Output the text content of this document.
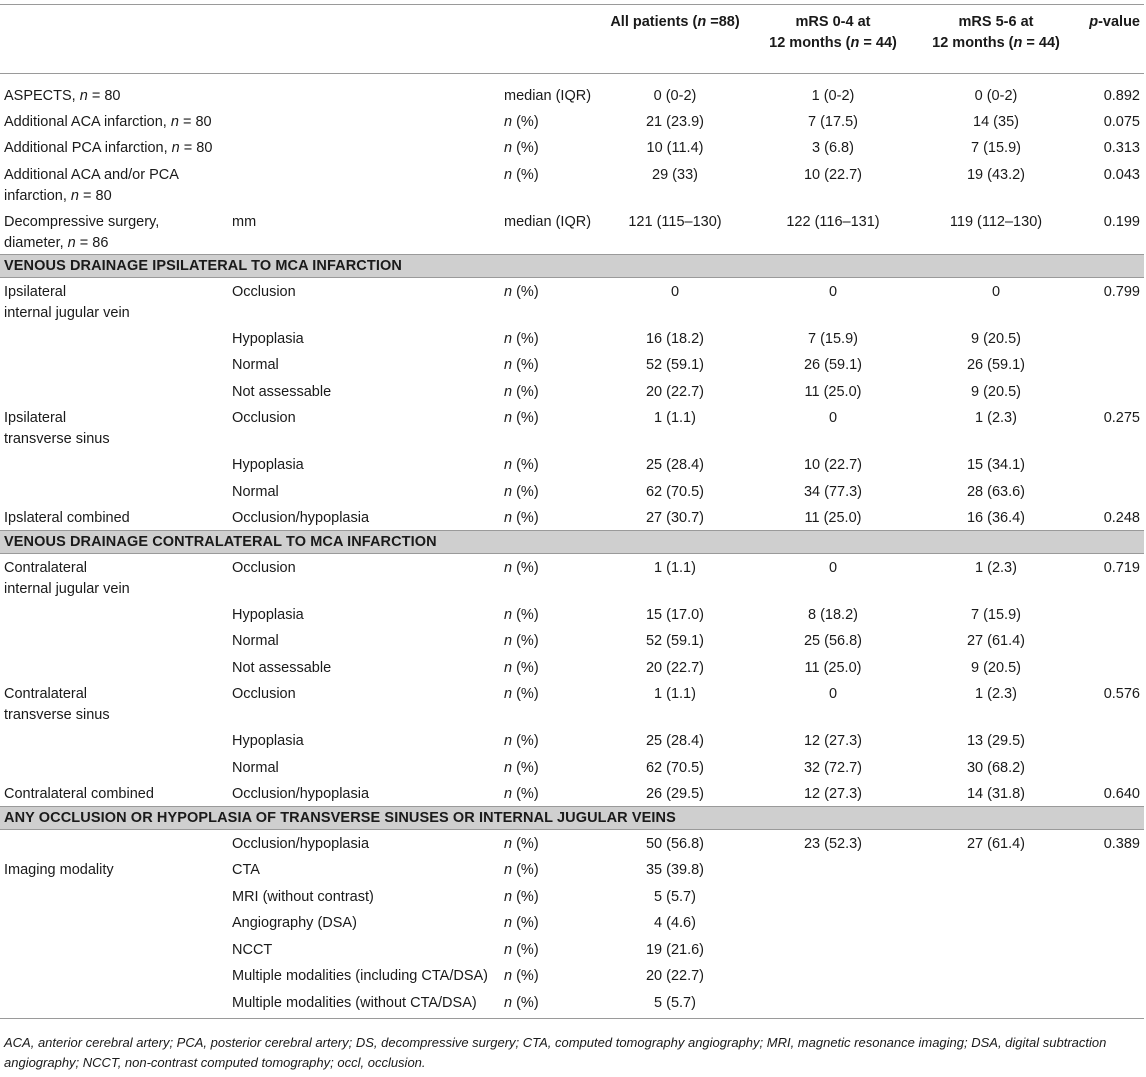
			All patients (n =88)	mRS 0-4 at
12 months (n = 44)	mRS 5-6 at
12 months (n = 44)	p-value
ASPECTS, n = 80		median (IQR)	0 (0-2)	1 (0-2)	0 (0-2)	0.892
Additional ACA infarction, n = 80		n (%)	21 (23.9)	7 (17.5)	14 (35)	0.075
Additional PCA infarction, n = 80		n (%)	10 (11.4)	3 (6.8)	7 (15.9)	0.313
Additional ACA and/or PCA
infarction, n = 80		n (%)	29 (33)	10 (22.7)	19 (43.2)	0.043
Decompressive surgery,
diameter, n = 86	mm	median (IQR)	121 (115–130)	122 (116–131)	119 (112–130)	0.199
VENOUS DRAINAGE IPSILATERAL TO MCA INFARCTION						
Ipsilateral
internal jugular vein	Occlusion	n (%)	0	0	0	0.799
	Hypoplasia	n (%)	16 (18.2)	7 (15.9)	9 (20.5)	
	Normal	n (%)	52 (59.1)	26 (59.1)	26 (59.1)	
	Not assessable	n (%)	20 (22.7)	11 (25.0)	9 (20.5)	
Ipsilateral
transverse sinus	Occlusion	n (%)	1 (1.1)	0	1 (2.3)	0.275
	Hypoplasia	n (%)	25 (28.4)	10 (22.7)	15 (34.1)	
	Normal	n (%)	62 (70.5)	34 (77.3)	28 (63.6)	
Ipslateral combined	Occlusion/hypoplasia	n (%)	27 (30.7)	11 (25.0)	16 (36.4)	0.248
VENOUS DRAINAGE CONTRALATERAL TO MCA INFARCTION						
Contralateral
internal jugular vein	Occlusion	n (%)	1 (1.1)	0	1 (2.3)	0.719
	Hypoplasia	n (%)	15 (17.0)	8 (18.2)	7 (15.9)	
	Normal	n (%)	52 (59.1)	25 (56.8)	27 (61.4)	
	Not assessable	n (%)	20 (22.7)	11 (25.0)	9 (20.5)	
Contralateral
transverse sinus	Occlusion	n (%)	1 (1.1)	0	1 (2.3)	0.576
	Hypoplasia	n (%)	25 (28.4)	12 (27.3)	13 (29.5)	
	Normal	n (%)	62 (70.5)	32 (72.7)	30 (68.2)	
Contralateral combined	Occlusion/hypoplasia	n (%)	26 (29.5)	12 (27.3)	14 (31.8)	0.640
ANY OCCLUSION OR HYPOPLASIA OF TRANSVERSE SINUSES OR INTERNAL JUGULAR VEINS						
	Occlusion/hypoplasia	n (%)	50 (56.8)	23 (52.3)	27 (61.4)	0.389
Imaging modality	CTA	n (%)	35 (39.8)			
	MRI (without contrast)	n (%)	5 (5.7)			
	Angiography (DSA)	n (%)	4 (4.6)			
	NCCT	n (%)	19 (21.6)			
	Multiple modalities (including CTA/DSA)	n (%)	20 (22.7)			
	Multiple modalities (without CTA/DSA)	n (%)	5 (5.7)			
ACA, anterior cerebral artery; PCA, posterior cerebral artery; DS, decompressive surgery; CTA, computed tomography angiography; MRI, magnetic resonance imaging; DSA, digital subtraction angiography; NCCT, non-contrast computed tomography; occl, occlusion.
